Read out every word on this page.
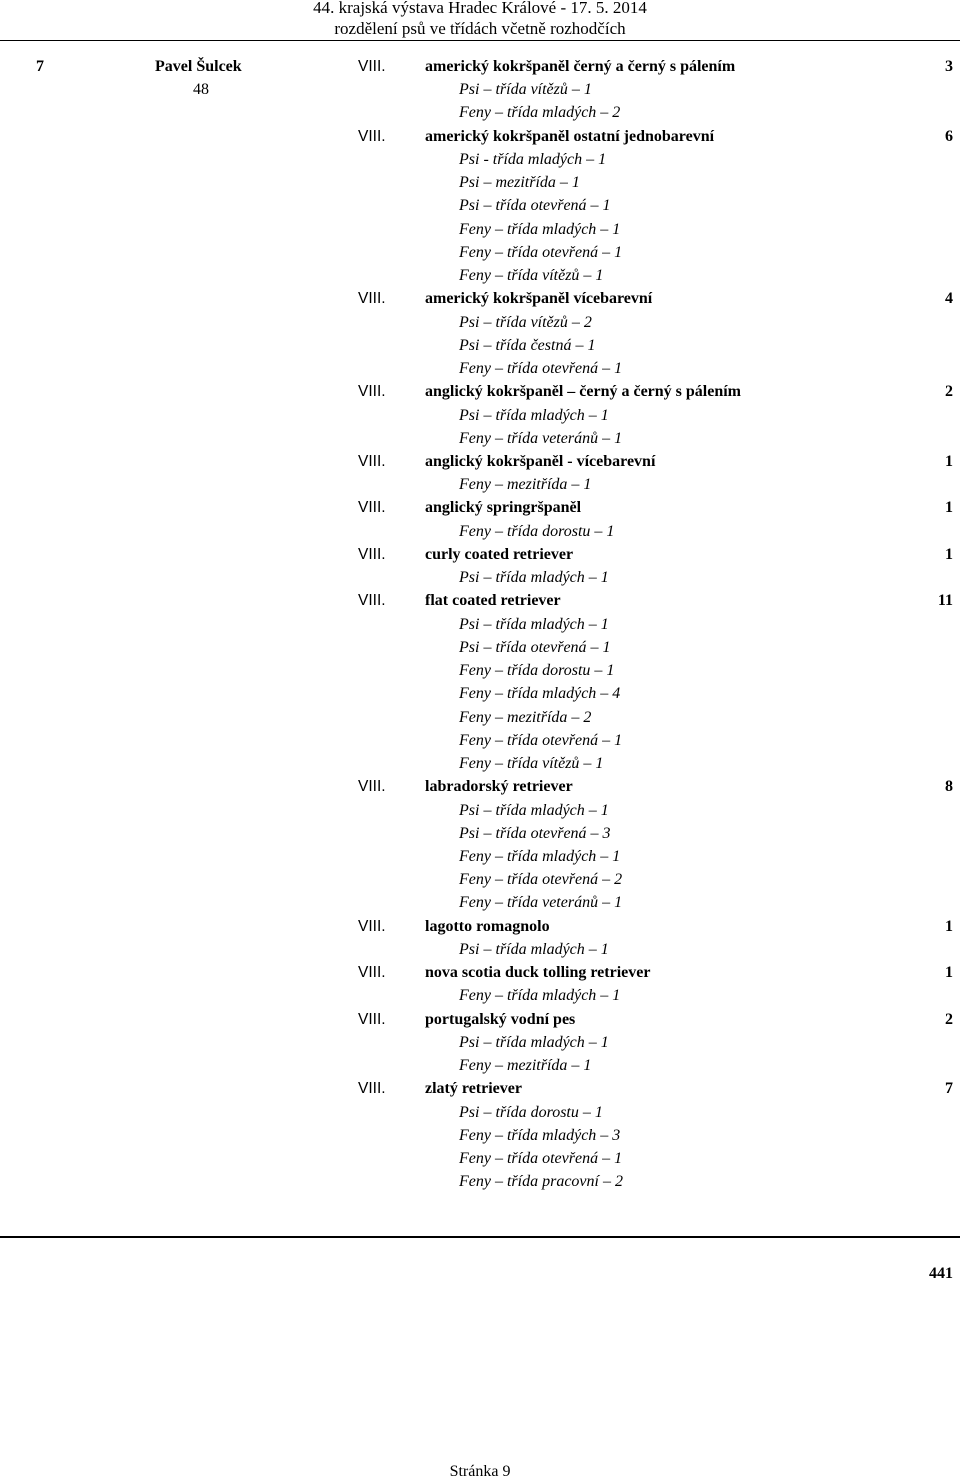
44. krajská výstava Hradec Králové - 17. 5. 2014
rozdělení psů ve třídách včetně rozhodčích
7	Pavel Šulcek
48
VIII. americký kokršpaněl černý a černý s pálením	3
Psi – třída vítězů – 1
Feny – třída mladých – 2
VIII. americký kokršpaněl ostatní jednobarevní	6
Psi - třída mladých – 1
Psi – mezitřída – 1
Psi – třída otevřená – 1
Feny – třída mladých – 1
Feny – třída otevřená – 1
Feny – třída vítězů – 1
VIII. americký kokršpaněl vícebarevní	4
Psi – třída vítězů – 2
Psi – třída čestná – 1
Feny – třída otevřená – 1
VIII. anglický kokršpaněl – černý a černý s pálením	2
Psi – třída mladých – 1
Feny – třída veteránů – 1
VIII. anglický kokršpaněl - vícebarevní	1
Feny – mezitřída – 1
VIII. anglický springršpaněl	1
Feny – třída dorostu – 1
VIII. curly coated retriever	1
Psi – třída mladých – 1
VIII. flat coated retriever	11
Psi – třída mladých – 1
Psi – třída otevřená – 1
Feny – třída dorostu – 1
Feny – třída mladých – 4
Feny – mezitřída – 2
Feny – třída otevřená – 1
Feny – třída vítězů – 1
VIII. labradorský retriever	8
Psi – třída mladých – 1
Psi – třída otevřená – 3
Feny – třída mladých – 1
Feny – třída otevřená – 2
Feny – třída veteránů – 1
VIII. lagotto romagnolo	1
Psi – třída mladých – 1
VIII. nova scotia duck tolling retriever	1
Feny – třída mladých – 1
VIII. portugalský vodní pes	2
Psi – třída mladých – 1
Feny – mezitřída – 1
VIII. zlatý retriever	7
Psi – třída dorostu – 1
Feny – třída mladých – 3
Feny – třída otevřená – 1
Feny – třída pracovní – 2
441
Stránka 9
